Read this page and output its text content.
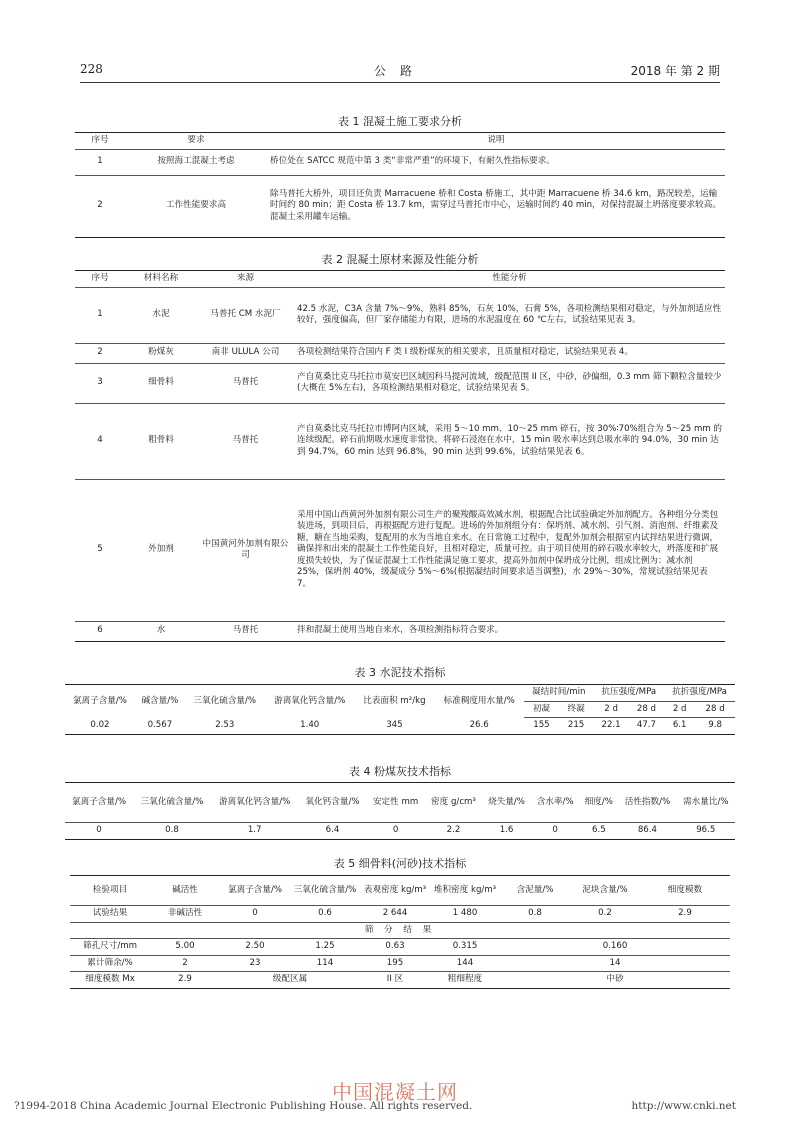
228	公路	2018 年 第 2 期
表 1 混凝土施工要求分析
序号	要求	说明
1	按照海工混凝土考虑	桥位处在 SATCC 规范中第 3 类“非常严重”的环境下，有耐久性指标要求。
2	工作性能要求高	除马普托大桥外，项目还负责 Marracuene 桥和 Costa 桥施工，其中距 Marracuene 桥 34.6 km，路况较差，运输时间约 80 min；距 Costa 桥 13.7 km，需穿过马普托市中心，运输时间约 40 min，对保持混凝土坍落度要求较高。混凝土采用罐车运输。
表 2 混凝土原材来源及性能分析
序号	材料名称	来源	性能分析
1	水泥	马普托 CM 水泥厂	42.5 水泥，C3A 含量 7%～9%，熟料 85%，石灰 10%，石膏 5%，各项检测结果相对稳定，与外加剂适应性较好，强度偏高，但厂家存储能力有限，进场的水泥温度在 60 ℃左右，试验结果见表 3。
2	粉煤灰	南非 ULULA 公司	各项检测结果符合国内 F 类 I 级粉煤灰的相关要求，且质量相对稳定，试验结果见表 4。
3	细骨料	马普托	产自莫桑比克马托拉市莫安巴区域因科马提河流域，级配范围 II 区，中砂，砂偏细，0.3 mm 筛下颗粒含量较少(大概在 5%左右)，各项检测结果相对稳定，试验结果见表 5。
4	粗骨料	马普托	产自莫桑比克马托拉市博阿内区域，采用 5～10 mm、10～25 mm 碎石，按 30%∶70%组合为 5～25 mm 的连续级配。碎石前期吸水速度非常快，将碎石浸泡在水中，15 min 吸水率达到总吸水率的 94.0%，30 min 达到 94.7%，60 min 达到 96.8%，90 min 达到 99.6%，试验结果见表 6。
5	外加剂	中国黄河外加剂有限公司	采用中国山西黄河外加剂有限公司生产的聚羧酸高效减水剂，根据配合比试验确定外加剂配方。各种组分分类包装进场，到项目后，再根据配方进行复配。进场的外加剂组分有：保坍剂、减水剂、引气剂、消泡剂、纤维素及糖，糖在当地采购，复配用的水为当地自来水。在日常施工过程中，复配外加剂会根据室内试拌结果进行微调，确保拌和出来的混凝土工作性能良好，且相对稳定，质量可控。由于项目使用的碎石吸水率较大，坍落度和扩展度损失较快，为了保证混凝土工作性能满足施工要求，提高外加剂中保坍成分比例，组成比例为：减水剂 25%，保坍剂 40%，缓凝成分 5%～6%(根据凝结时间要求适当调整)，水 29%～30%，常规试验结果见表 7。
6	水	马普托	拌和混凝土使用当地自来水，各项检测指标符合要求。
表 3 水泥技术指标
氯离子含量/%	碱含量/%	三氧化硫含量/%	游离氧化钙含量/%	比表面积 m²/kg	标准稠度用水量/%	凝结时间/min		抗压强度/MPa		抗折强度/MPa	
						初凝	终凝	2 d	28 d	2 d	28 d
0.02	0.567	2.53	1.40	345	26.6	155	215	22.1	47.7	6.1	9.8
表 4 粉煤灰技术指标
氯离子含量/%	三氧化硫含量/%	游离氧化钙含量/%	氧化钙含量/%	安定性 mm	密度 g/cm³	烧失量/%	含水率/%	细度/%	活性指数/%	需水量比/%
0	0.8	1.7	6.4	0	2.2	1.6	0	6.5	86.4	96.5
表 5 细骨料(河砂)技术指标
检验项目	碱活性	氯离子含量/%	三氧化硫含量/%	表观密度 kg/m³	堆积密度 kg/m³	含泥量/%	泥块含量/%	细度模数
试验结果	非碱活性	0	0.6	2 644	1 480	0.8	0.2	2.9
筛 分 结 果								
筛孔尺寸/mm	5.00	2.50	1.25	0.63	0.315	0.160		
累计筛余/%	2	23	114	195	144	14		
细度模数 Mx	2.9	级配区属		II 区	粗细程度	中砂		
中国混凝土网
?1994-2018 China Academic Journal Electronic Publishing House. All rights reserved.	http://www.cnki.net
